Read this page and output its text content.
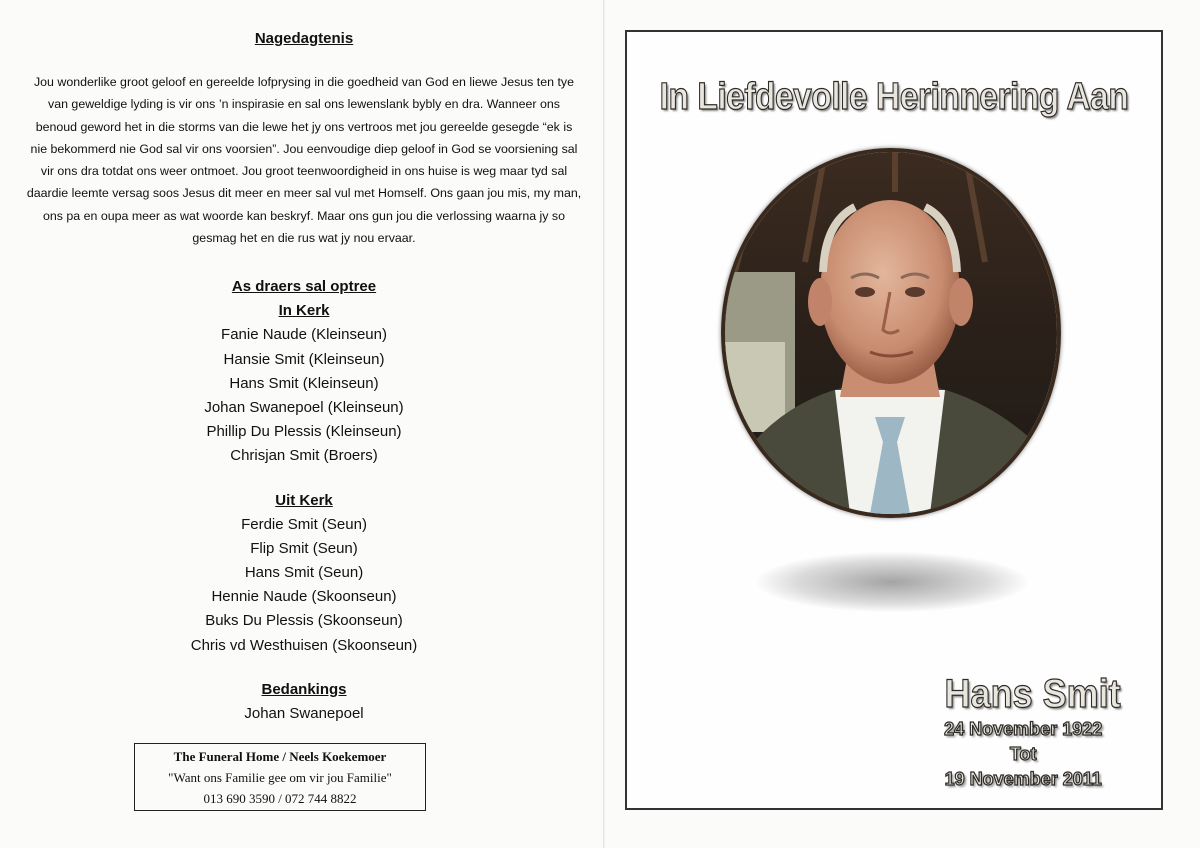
Nagedagtenis

Jou wonderlike groot geloof en gereelde lofprysing in die goedheid van God en liewe Jesus ten tye van geweldige lyding is vir ons ’n inspirasie en sal ons lewenslank bybly en dra. Wanneer ons benoud geword het in die storms van die lewe het jy ons vertroos met jou gereelde gesegde “ek is nie bekommerd nie God sal vir ons voorsien”. Jou eenvoudige diep geloof in God se voorsiening sal vir ons dra totdat ons weer ontmoet. Jou groot teenwoordigheid in ons huise is weg maar tyd sal daardie leemte versag soos Jesus dit meer en meer sal vul met Homself. Ons gaan jou mis, my man, ons pa en oupa meer as wat woorde kan beskryf. Maar ons gun jou die verlossing waarna jy so gesmag het en die rus wat jy nou ervaar.

As draers sal optree

In Kerk

Fanie Naude (Kleinseun)
Hansie Smit (Kleinseun)
Hans Smit (Kleinseun)
Johan Swanepoel (Kleinseun)
Phillip Du Plessis (Kleinseun)
Chrisjan Smit (Broers)

Uit Kerk

Ferdie Smit (Seun)
Flip Smit (Seun)
Hans Smit (Seun)
Hennie Naude (Skoonseun)
Buks Du Plessis (Skoonseun)
Chris vd Westhuisen (Skoonseun)

Bedankings

Johan Swanepoel
The Funeral Home / Neels Koekemoer
"Want ons Familie gee om vir jou Familie"
013 690 3590 / 072 744 8822

In Liefdevolle Herinnering Aan

Hans Smit

24 November 1922

Tot

19 November 2011
